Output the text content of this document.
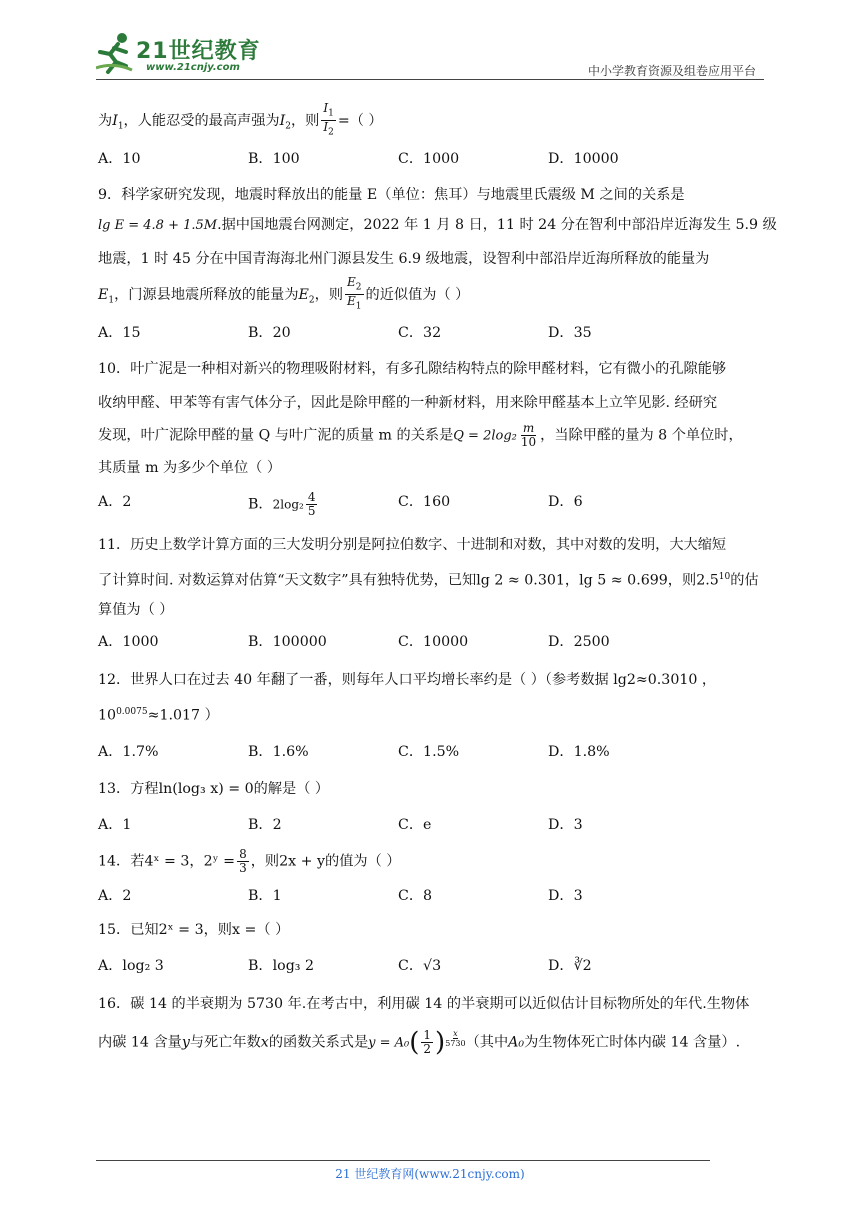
21世纪教育
www.21cnjy.com	中小学教育资源及组卷应用平台
为$I_1$，人能忍受的最高声强为$I_2$，则 $\frac{I_1}{I_2}$ =（ ）
A．10	B．100	C．1000	D．10000
9．科学家研究发现，地震时释放出的能量 E（单位：焦耳）与地震里氏震级 M 之间的关系是
lg E = 4.8 + 1.5M.据中国地震台网测定，2022 年 1 月 8 日，11 时 24 分在智利中部沿岸近海发生 5.9 级
地震，1 时 45 分在中国青海海北州门源县发生 6.9 级地震，设智利中部沿岸近海所释放的能量为
$E_1$，门源县地震所释放的能量为$E_2$，则 $\frac{E_2}{E_1}$ 的近似值为（ ）
A．15	B．20	C．32	D．35
10．叶广泥是一种相对新兴的物理吸附材料，有多孔隙结构特点的除甲醛材料，它有微小的孔隙能够
收纳甲醛、甲苯等有害气体分子，因此是除甲醛的一种新材料，用来除甲醛基本上立竿见影. 经研究
发现，叶广泥除甲醛的量 Q 与叶广泥的质量 m 的关系是$Q = 2\log_2 \frac{m}{10}$ ，当除甲醛的量为 8 个单位时，
其质量 m 为多少个单位（ ）
A．2	B．$2\log_2 \frac{4}{5}$	C．160	D．6
11．历史上数学计算方面的三大发明分别是阿拉伯数字、十进制和对数，其中对数的发明，大大缩短
了计算时间. 对数运算对估算“天文数字”具有独特优势，已知lg 2 ≈ 0.301，lg 5 ≈ 0.699，则$2.5^{10}$的估
算值为（ ）
A．1000	B．100000	C．10000	D．2500
12．世界人口在过去 40 年翻了一番，则每年人口平均增长率约是（ ）（参考数据 lg2≈0.3010 ，
$10^{0.0075}\approx 1.017$ ）
A．1.7%	B．1.6%	C．1.5%	D．1.8%
13．方程ln(log₃ x) = 0的解是（ ）
A．1	B．2	C．e	D．3
14．若4ˣ = 3，2ʸ = $\frac{8}{3}$ ，则2x + y的值为（ ）
A．2	B．1	C．8	D．3
15．已知2ˣ = 3，则x =（ ）
A．log₂ 3	B．log₃ 2	C．√3	D．∛2
16．碳 14 的半衰期为 5730 年.在考古中，利用碳 14 的半衰期可以近似估计目标物所处的年代.生物体
内碳 14 含量y与死亡年数x的函数关系式是$y = A_0( \frac{1}{2}$ ) $^{\frac{x}{5730}}$ （其中A₀为生物体死亡时体内碳 14 含量）.
21 世纪教育网(www.21cnjy.com)
